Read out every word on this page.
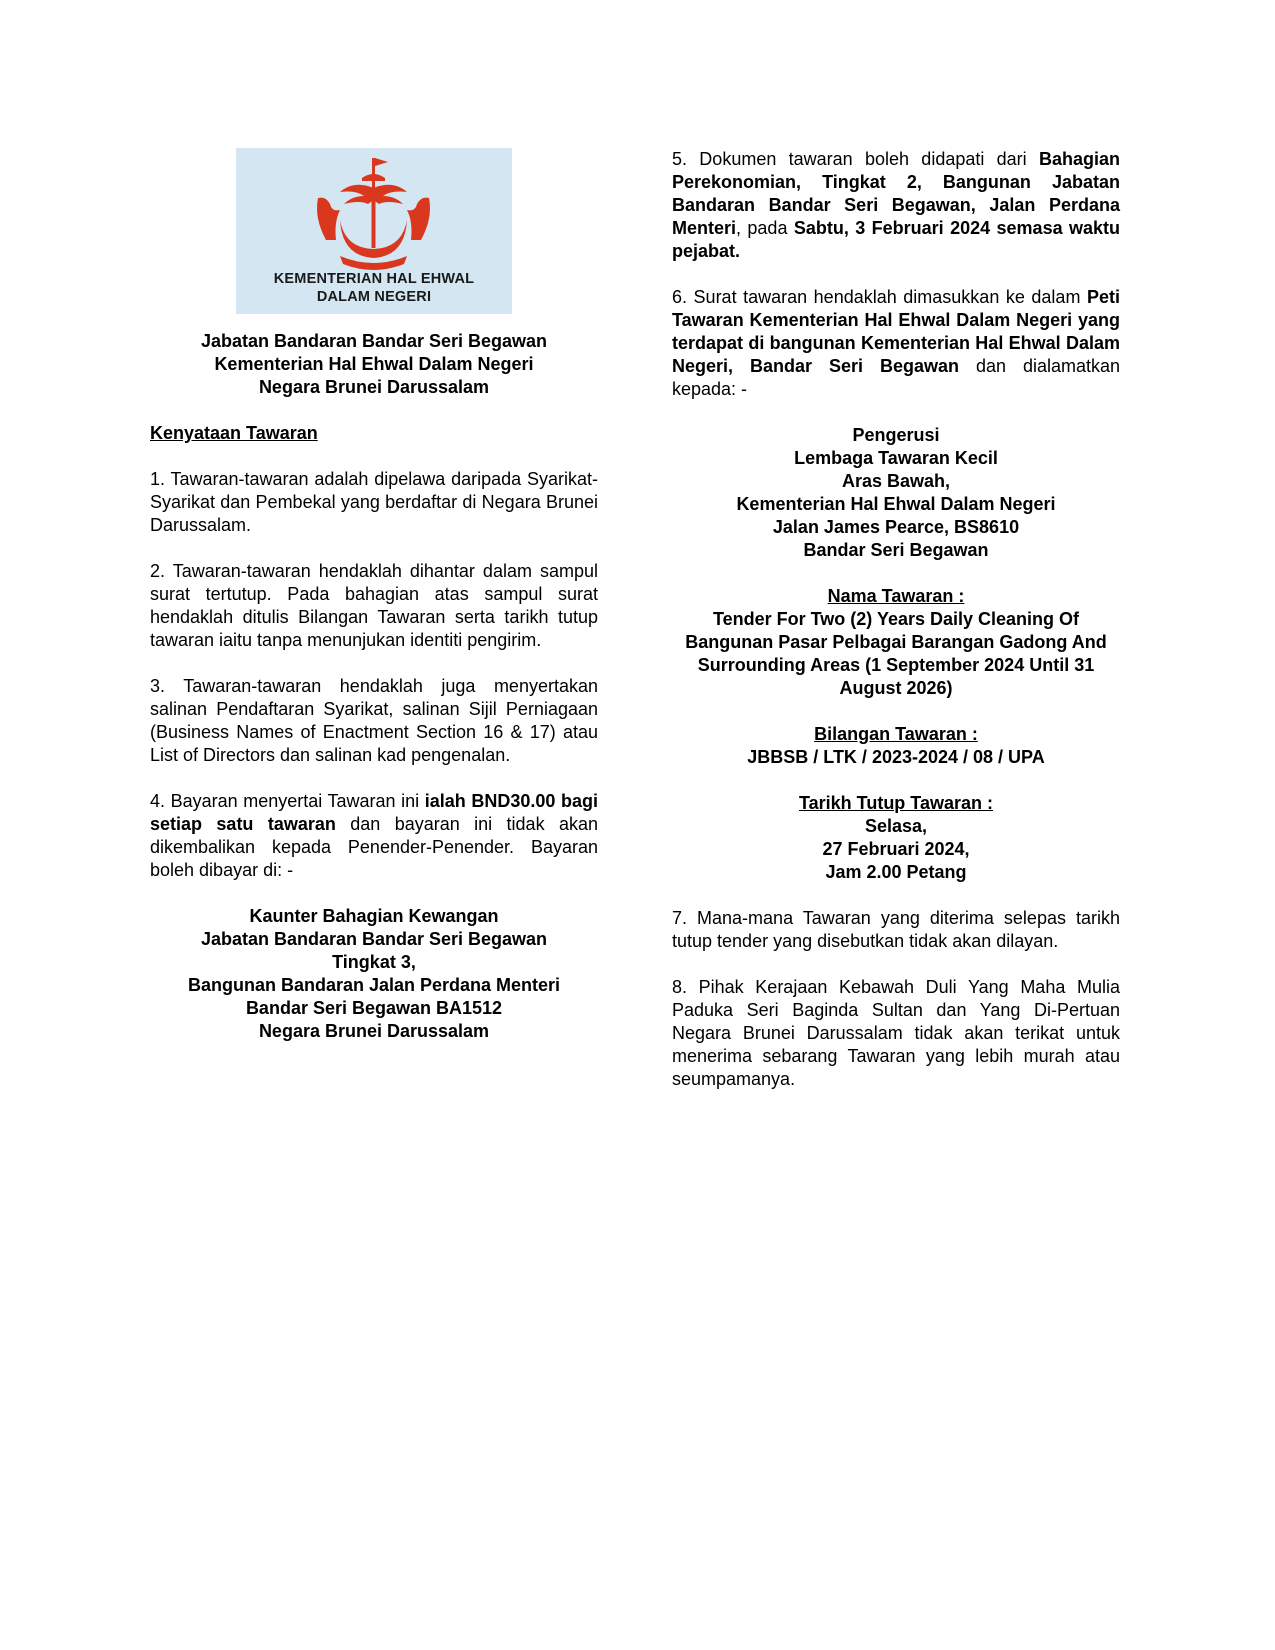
KEMENTERIAN HAL EHWAL
DALAM NEGERI

Jabatan Bandaran Bandar Seri Begawan

Kementerian Hal Ehwal Dalam Negeri

Negara Brunei Darussalam

Kenyataan Tawaran

1. Tawaran-tawaran adalah dipelawa daripada Syarikat-Syarikat dan Pembekal yang berdaftar di Negara Brunei Darussalam.

2. Tawaran-tawaran hendaklah dihantar dalam sampul surat tertutup. Pada bahagian atas sampul surat hendaklah ditulis Bilangan Tawaran serta tarikh tutup tawaran iaitu tanpa menunjukan identiti pengirim.

3. Tawaran-tawaran hendaklah juga menyertakan salinan Pendaftaran Syarikat, salinan Sijil Perniagaan (Business Names of Enactment Section 16 & 17) atau List of Directors dan salinan kad pengenalan.

4. Bayaran menyertai Tawaran ini ialah BND30.00 bagi setiap satu tawaran dan bayaran ini tidak akan dikembalikan kepada Penender-Penender. Bayaran boleh dibayar di: -

Kaunter Bahagian Kewangan

Jabatan Bandaran Bandar Seri Begawan

Tingkat 3,

Bangunan Bandaran Jalan Perdana Menteri

Bandar Seri Begawan BA1512

Negara Brunei Darussalam

5. Dokumen tawaran boleh didapati dari Bahagian Perekonomian, Tingkat 2, Bangunan Jabatan Bandaran Bandar Seri Begawan, Jalan Perdana Menteri, pada Sabtu, 3 Februari 2024 semasa waktu pejabat.

6. Surat tawaran hendaklah dimasukkan ke dalam Peti Tawaran Kementerian Hal Ehwal Dalam Negeri yang terdapat di bangunan Kementerian Hal Ehwal Dalam Negeri, Bandar Seri Begawan dan dialamatkan kepada: -

Pengerusi

Lembaga Tawaran Kecil

Aras Bawah,

Kementerian Hal Ehwal Dalam Negeri

Jalan James Pearce, BS8610

Bandar Seri Begawan

Nama Tawaran :

Tender For Two (2) Years Daily Cleaning Of

Bangunan Pasar Pelbagai Barangan Gadong And

Surrounding Areas (1 September 2024 Until 31

August 2026)

Bilangan Tawaran :

JBBSB / LTK / 2023-2024 / 08 / UPA

Tarikh Tutup Tawaran :

Selasa,

27 Februari 2024,

Jam 2.00 Petang

7. Mana-mana Tawaran yang diterima selepas tarikh tutup tender yang disebutkan tidak akan dilayan.

8. Pihak Kerajaan Kebawah Duli Yang Maha Mulia Paduka Seri Baginda Sultan dan Yang Di-Pertuan Negara Brunei Darussalam tidak akan terikat untuk menerima sebarang Tawaran yang lebih murah atau seumpamanya.
